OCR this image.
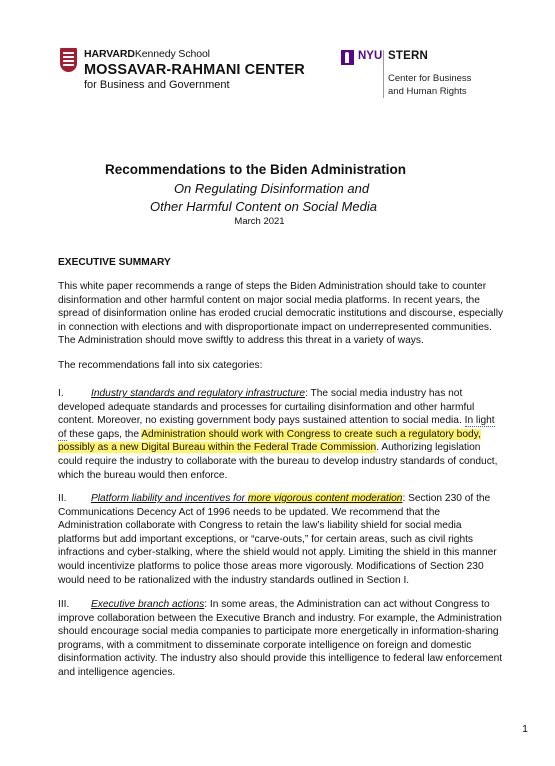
HARVARDKennedy School
MOSSAVAR-RAHMANI CENTER
for Business and Government
NYU STERN
Center for Business
and Human Rights
Recommendations to the Biden Administration
On Regulating Disinformation and
Other Harmful Content on Social Media
March 2021
EXECUTIVE SUMMARY

This white paper recommends a range of steps the Biden Administration should take to counter disinformation and other harmful content on major social media platforms. In recent years, the spread of disinformation online has eroded crucial democratic institutions and discourse, especially in connection with elections and with disproportionate impact on underrepresented communities. The Administration should move swiftly to address this threat in a variety of ways.

The recommendations fall into six categories:

I.	Industry standards and regulatory infrastructure: The social media industry has not developed adequate standards and processes for curtailing disinformation and other harmful content. Moreover, no existing government body pays sustained attention to social media. In light of these gaps, the Administration should work with Congress to create such a regulatory body, possibly as a new Digital Bureau within the Federal Trade Commission. Authorizing legislation could require the industry to collaborate with the bureau to develop industry standards of conduct, which the bureau would then enforce.

II. Platform liability and incentives for more vigorous content moderation: Section 230 of the Communications Decency Act of 1996 needs to be updated. We recommend that the Administration collaborate with Congress to retain the law’s liability shield for social media platforms but add important exceptions, or “carve-outs,” for certain areas, such as civil rights infractions and cyber-stalking, where the shield would not apply. Limiting the shield in this manner would incentivize platforms to police those areas more vigorously. Modifications of Section 230 would need to be rationalized with the industry standards outlined in Section I.

III. Executive branch actions: In some areas, the Administration can act without Congress to improve collaboration between the Executive Branch and industry. For example, the Administration should encourage social media companies to participate more energetically in information-sharing programs, with a commitment to disseminate corporate intelligence on foreign and domestic disinformation activity. The industry also should provide this intelligence to federal law enforcement and intelligence agencies.

1
